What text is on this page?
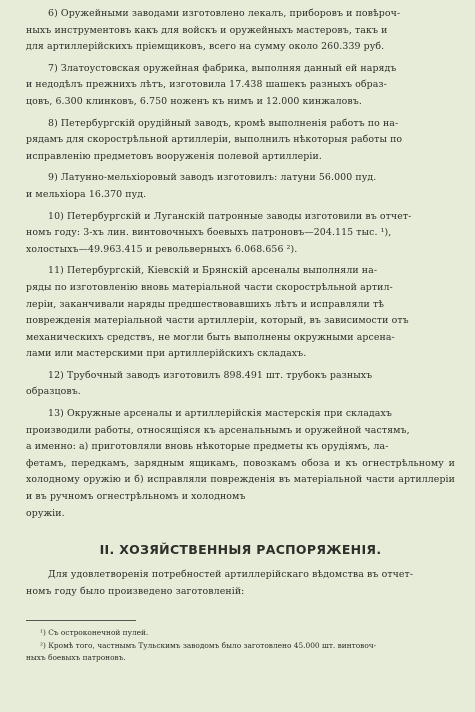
6) Оружейными заводами изготовлено лекалъ, приборовъ и повѣроч-
ныхъ инструментовъ какъ для войскъ и оружейныхъ мастеровъ, такъ и
для артиллерійскихъ пріемщиковъ, всего на сумму около 260.339 руб.

7) Златоустовская оружейная фабрика, выполняя данный ей нарядъ
и недодѣлъ прежнихъ лѣтъ, изготовила 17.438 шашекъ разныхъ образ-
цовъ, 6.300 клинковъ, 6.750 ноженъ къ нимъ и 12.000 кинжаловъ.

8) Петербургскій орудійный заводъ, кромѣ выполненія работъ по на-
рядамъ для скорострѣльной артиллеріи, выполнилъ нѣкоторыя работы по
исправленію предметовъ вооруженія полевой артиллеріи.

9) Латунно-мельхіоровый заводъ изготовилъ: латуни 56.000 пуд.
и мельхіора 16.370 пуд.

10) Петербургскій и Луганскій патронные заводы изготовили въ отчет-
номъ году: 3-хъ лин. винтовочныхъ боевыхъ патроновъ—204.115 тыс. ¹),
холостыхъ—49.963.415 и револьверныхъ 6.068.656 ²).

11) Петербургскій, Кіевскій и Брянскій арсеналы выполняли на-
ряды по изготовленію вновь матеріальной части скорострѣльной артил-
леріи, заканчивали наряды предшествовавшихъ лѣтъ и исправляли тѣ
поврежденія матеріальной части артиллеріи, который, въ зависимости отъ
механическихъ средствъ, не могли быть выполнены окружными арсена-
лами или мастерскими при артиллерійскихъ складахъ.

12) Трубочный заводъ изготовилъ 898.491 шт. трубокъ разныхъ
образцовъ.

13) Окружные арсеналы и артиллерійскія мастерскія при складахъ
производили работы, относящіяся къ арсенальнымъ и оружейной частямъ,
а именно: а) приготовляли вновь нѣкоторые предметы къ орудіямъ, ла-
фетамъ, передкамъ, зарядным ящикамъ, повозкамъ обоза и къ огнестрѣльному и холодному оружію и б) исправляли поврежденія въ матеріальной части артиллеріи и въ ручномъ огнестрѣльномъ и холодномъ
оружіи.

II. ХОЗЯЙСТВЕННЫЯ РАСПОРЯЖЕНІЯ.

Для удовлетворенія потребностей артиллерійскаго вѣдомства въ отчет-
номъ году было произведено заготовленій:

¹) Съ остроконечной пулей.

²) Кромѣ того, частнымъ Тульскимъ заводомъ было заготовлено 45.000 шт. винтовоч-
ныхъ боевыхъ патроновъ.
